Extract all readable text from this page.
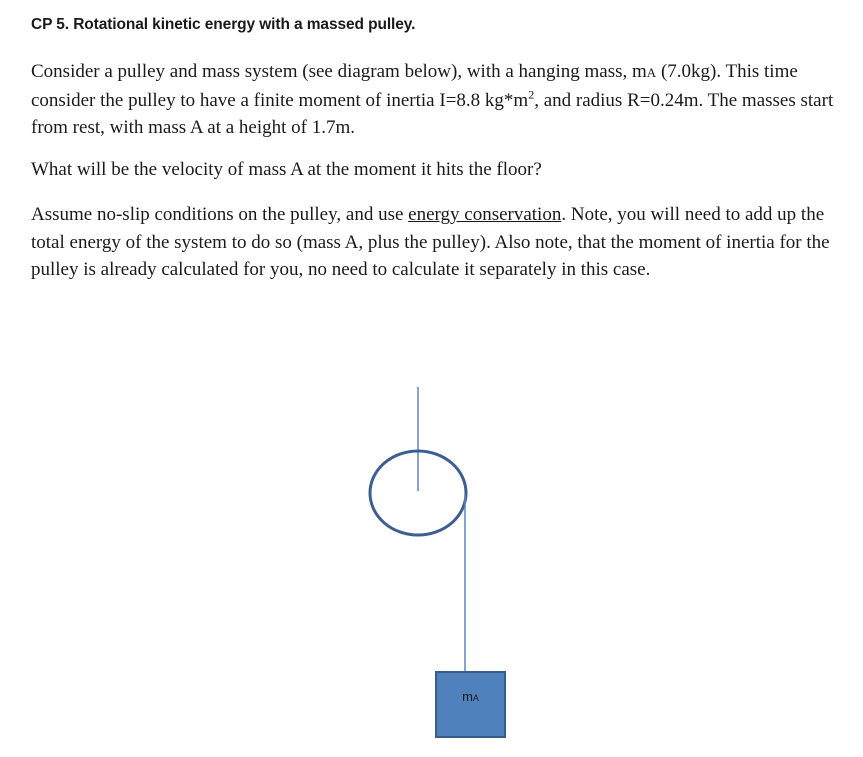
CP 5. Rotational kinetic energy with a massed pulley.

Consider a pulley and mass system (see diagram below), with a hanging mass, mA (7.0kg). This time consider the pulley to have a finite moment of inertia I=8.8 $kg*m^2$, and radius R=0.24m. The masses start from rest, with mass A at a height of 1.7m.

What will be the velocity of mass A at the moment it hits the floor?

Assume no-slip conditions on the pulley, and use energy conservation. Note, you will need to add up the total energy of the system to do so (mass A, plus the pulley). Also note, that the moment of inertia for the pulley is already calculated for you, no need to calculate it separately in this case.

mA
